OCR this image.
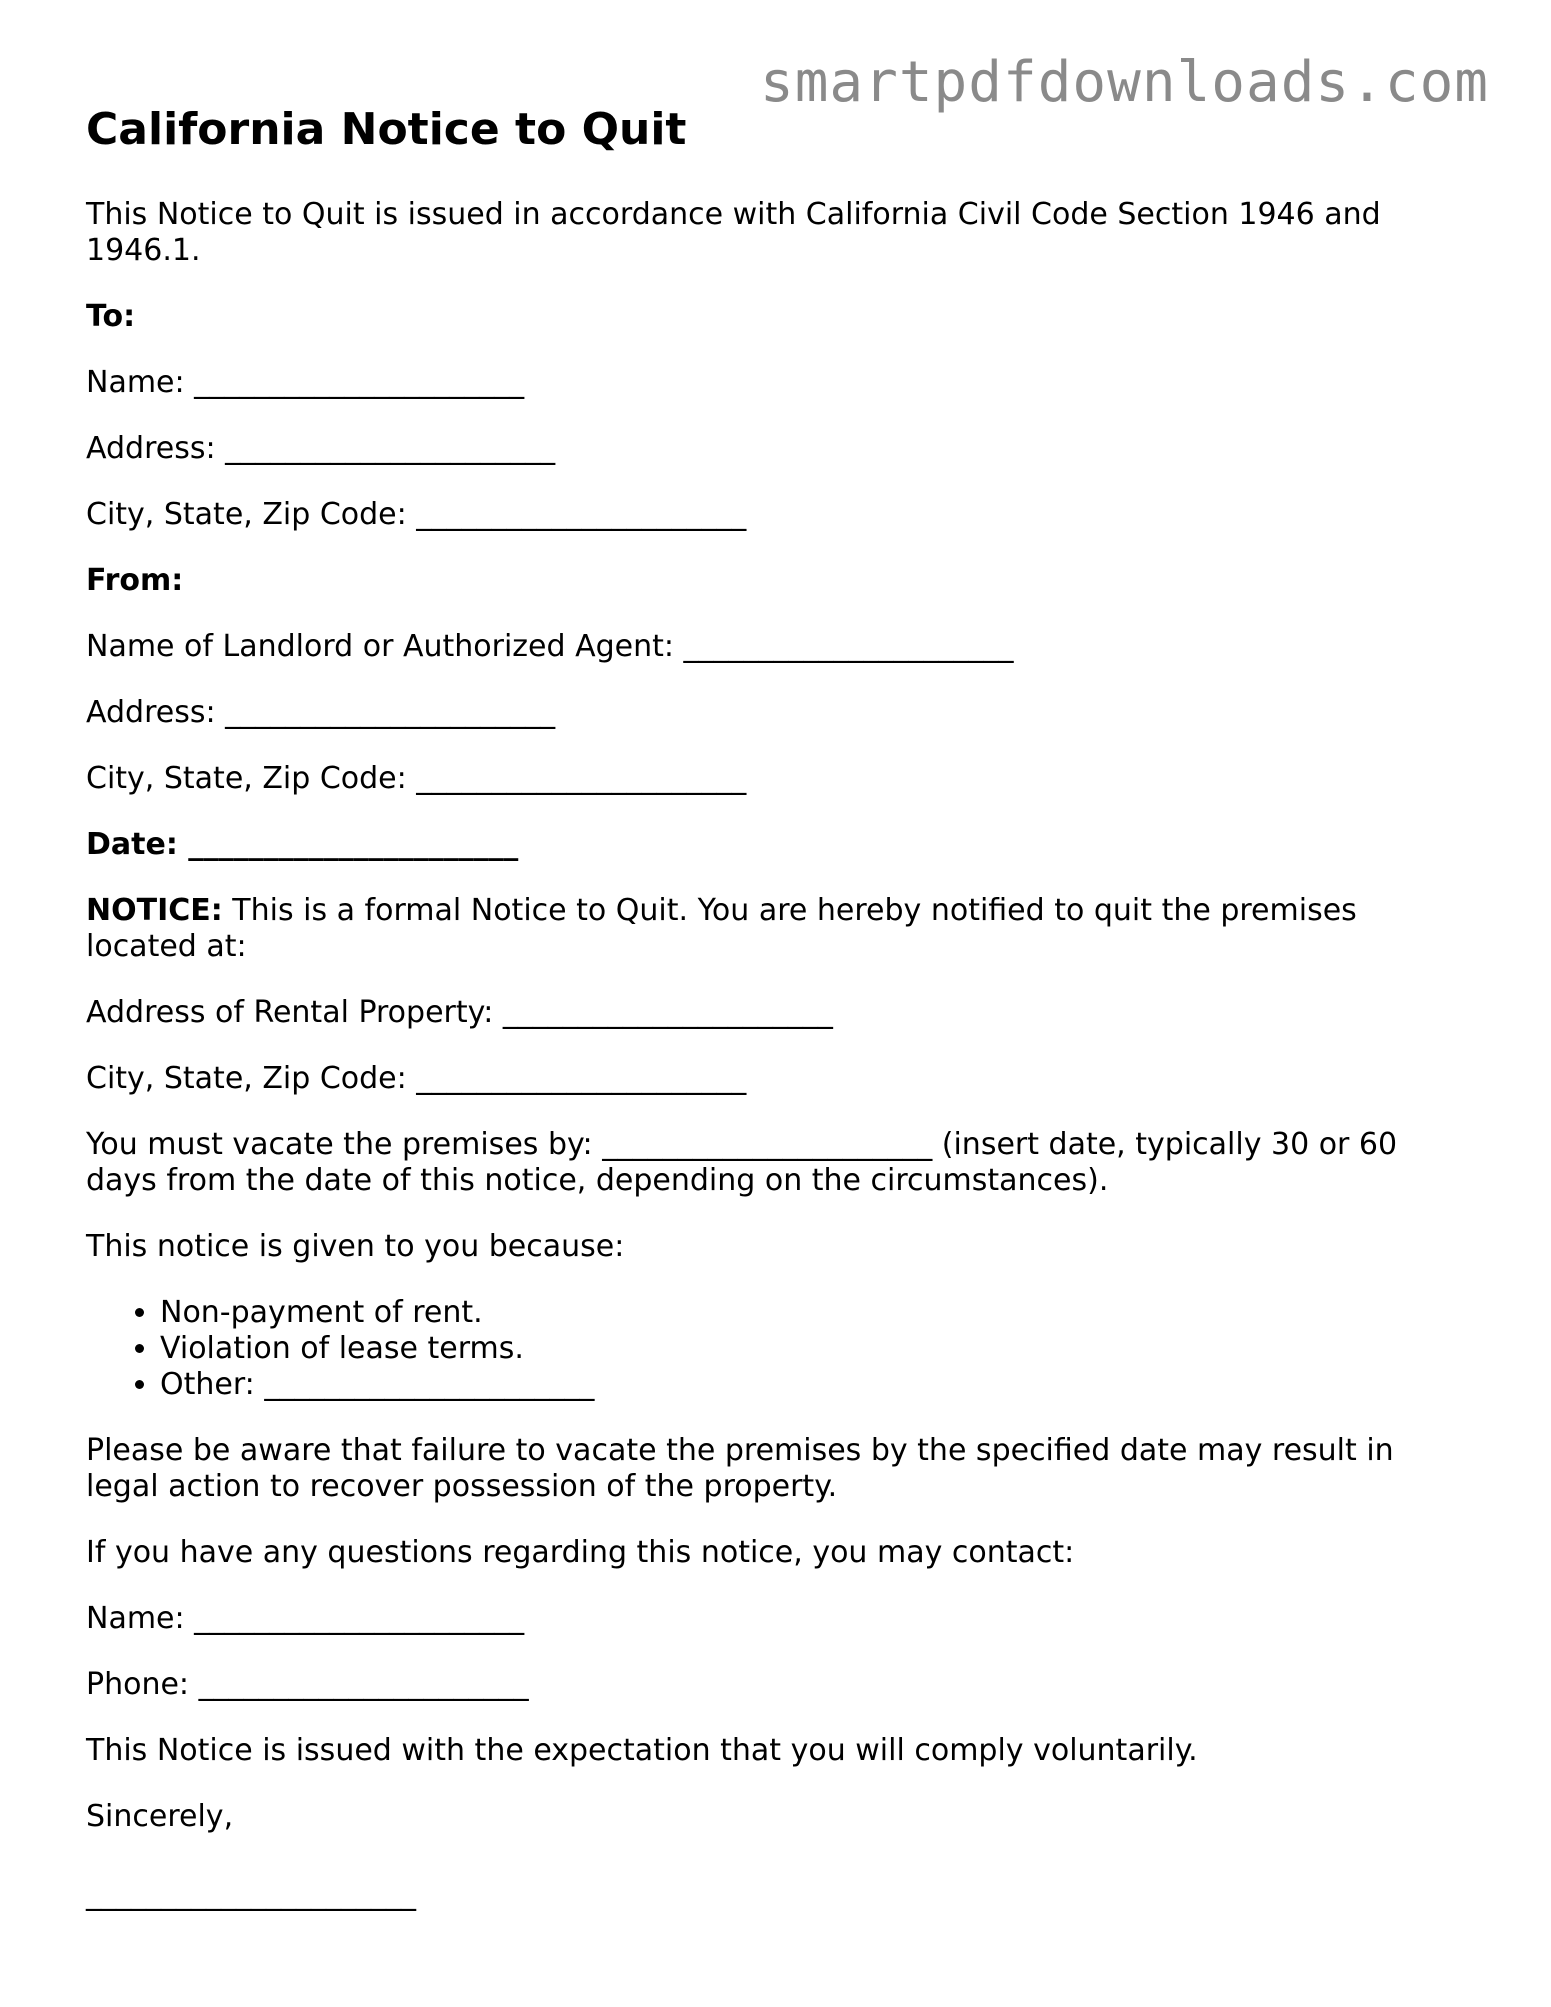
smartpdfdownloads.com
California Notice to Quit

This Notice to Quit is issued in accordance with California Civil Code Section 1946 and 1946.1.

To:

Name: ______________________

Address: ______________________

City, State, Zip Code: ______________________

From:

Name of Landlord or Authorized Agent: ______________________

Address: ______________________

City, State, Zip Code: ______________________

Date: ______________________

NOTICE: This is a formal Notice to Quit. You are hereby notified to quit the premises located at:

Address of Rental Property: ______________________

City, State, Zip Code: ______________________

You must vacate the premises by: ______________________ (insert date, typically 30 or 60 days from the date of this notice, depending on the circumstances).

This notice is given to you because:

• Non-payment of rent.
• Violation of lease terms.
• Other: ______________________

Please be aware that failure to vacate the premises by the specified date may result in legal action to recover possession of the property.

If you have any questions regarding this notice, you may contact:

Name: ______________________

Phone: ______________________

This Notice is issued with the expectation that you will comply voluntarily.

Sincerely,

______________________
